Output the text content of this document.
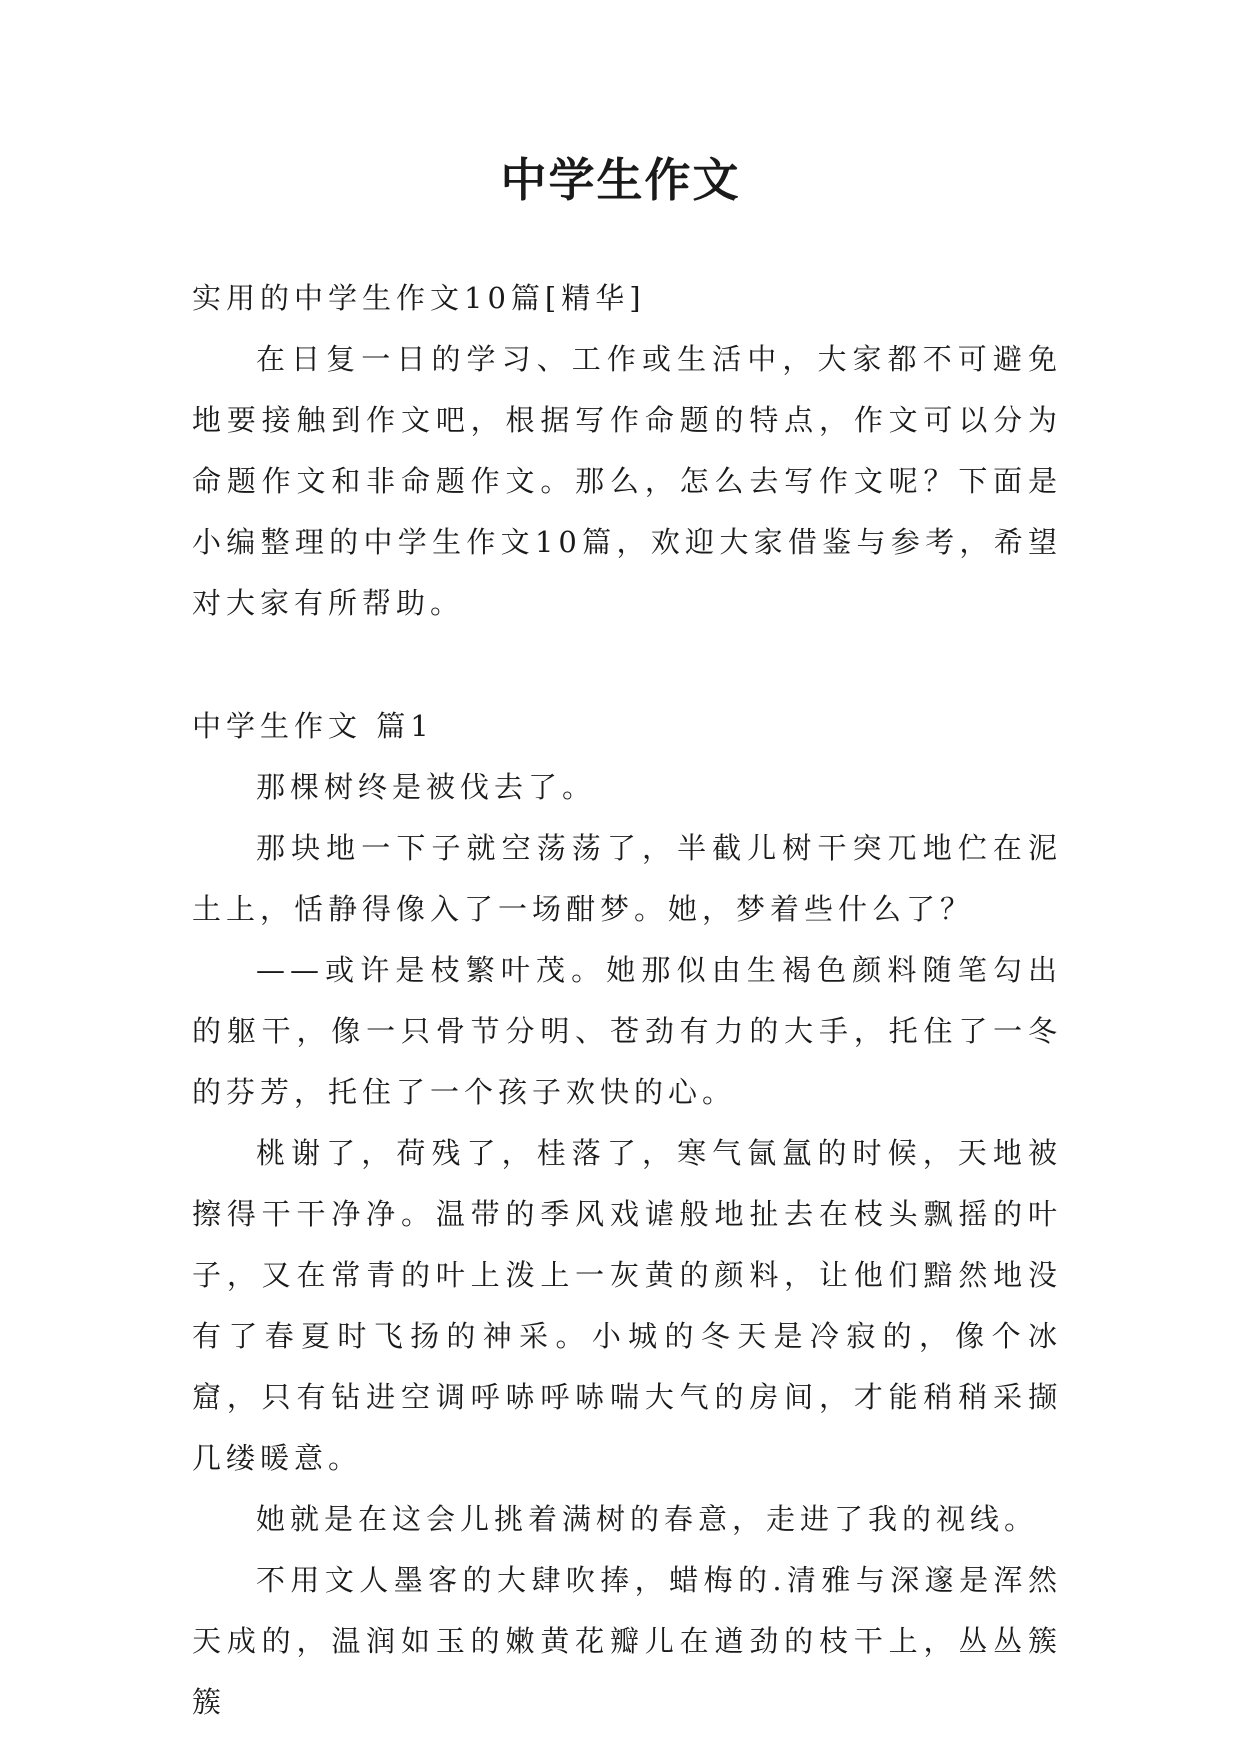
中学生作文

实用的中学生作文10篇[精华]

在日复一日的学习、工作或生活中，大家都不可避免地要接触到作文吧，根据写作命题的特点，作文可以分为命题作文和非命题作文。那么，怎么去写作文呢？下面是小编整理的中学生作文10篇，欢迎大家借鉴与参考，希望对大家有所帮助。

中学生作文 篇1

那棵树终是被伐去了。

那块地一下子就空荡荡了，半截儿树干突兀地伫在泥土上，恬静得像入了一场酣梦。她，梦着些什么了？

——或许是枝繁叶茂。她那似由生褐色颜料随笔勾出的躯干，像一只骨节分明、苍劲有力的大手，托住了一冬的芬芳，托住了一个孩子欢快的心。

桃谢了，荷残了，桂落了，寒气氤氲的时候，天地被擦得干干净净。温带的季风戏谑般地扯去在枝头飘摇的叶子，又在常青的叶上泼上一灰黄的颜料，让他们黯然地没有了春夏时飞扬的神采。小城的冬天是冷寂的，像个冰窟，只有钻进空调呼哧呼哧喘大气的房间，才能稍稍采撷几缕暖意。

她就是在这会儿挑着满树的春意，走进了我的视线。

不用文人墨客的大肆吹捧，蜡梅的.清雅与深邃是浑然天成的，温润如玉的嫩黄花瓣儿在遒劲的枝干上，丛丛簇簇
